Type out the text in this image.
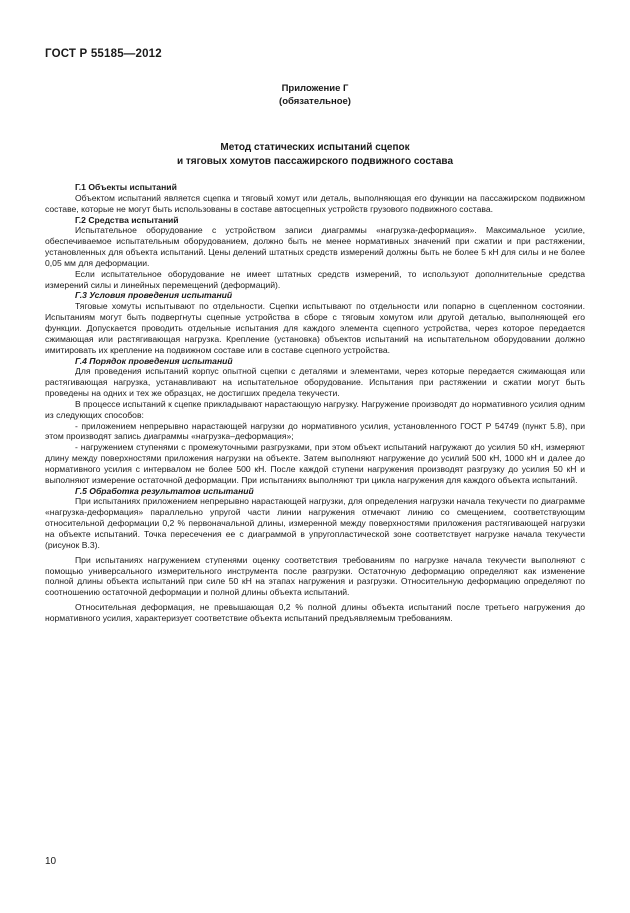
ГОСТ Р 55185—2012
Приложение Г
(обязательное)
Метод статических испытаний сцепок
и тяговых хомутов пассажирского подвижного состава

Г.1 Объекты испытаний

Объектом испытаний является сцепка и тяговый хомут или деталь, выполняющая его функции на пассажирском подвижном составе, которые не могут быть использованы в составе автосцепных устройств грузового подвижного состава.

Г.2 Средства испытаний

Испытательное оборудование с устройством записи диаграммы «нагрузка-деформация». Максимальное усилие, обеспечиваемое испытательным оборудованием, должно быть не менее нормативных значений при сжатии и при растяжении, установленных для объекта испытаний. Цены делений штатных средств измерений должны быть не более 5 кН для силы и не более 0,05 мм для деформации.

Если испытательное оборудование не имеет штатных средств измерений, то используют дополнительные средства измерений силы и линейных перемещений (деформаций).

Г.3 Условия проведения испытаний

Тяговые хомуты испытывают по отдельности. Сцепки испытывают по отдельности или попарно в сцепленном состоянии. Испытаниям могут быть подвергнуты сцепные устройства в сборе с тяговым хомутом или другой деталью, выполняющей его функции. Допускается проводить отдельные испытания для каждого элемента сцепного устройства, через которое передается сжимающая или растягивающая нагрузка. Крепление (установка) объектов испытаний на испытательном оборудовании должно имитировать их крепление на подвижном составе или в составе сцепного устройства.

Г.4 Порядок проведения испытаний

Для проведения испытаний корпус опытной сцепки с деталями и элементами, через которые передается сжимающая или растягивающая нагрузка, устанавливают на испытательное оборудование. Испытания при растяжении и сжатии могут быть проведены на одних и тех же образцах, не достигших предела текучести.

В процессе испытаний к сцепке прикладывают нарастающую нагрузку. Нагружение производят до нормативного усилия одним из следующих способов:

- приложением непрерывно нарастающей нагрузки до нормативного усилия, установленного ГОСТ Р 54749 (пункт 5.8), при этом производят запись диаграммы «нагрузка–деформация»;

- нагружением ступенями с промежуточными разгрузками, при этом объект испытаний нагружают до усилия 50 кН, измеряют длину между поверхностями приложения нагрузки на объекте. Затем выполняют нагружение до усилий 500 кН, 1000 кН и далее до нормативного усилия с интервалом не более 500 кН. После каждой ступени нагружения производят разгрузку до усилия 50 кН и выполняют измерение остаточной деформации. При испытаниях выполняют три цикла нагружения для каждого объекта испытаний.

Г.5 Обработка результатов испытаний

При испытаниях приложением непрерывно нарастающей нагрузки, для определения нагрузки начала текучести по диаграмме «нагрузка-деформация» параллельно упругой части линии нагружения отмечают линию со смещением, соответствующим относительной деформации 0,2 % первоначальной длины, измеренной между поверхностями приложения растягивающей нагрузки на объекте испытаний. Точка пересечения ее с диаграммой в упругопластической зоне соответствует нагрузке начала текучести (рисунок В.3).

При испытаниях нагружением ступенями оценку соответствия требованиям по нагрузке начала текучести выполняют с помощью универсального измерительного инструмента после разгрузки. Остаточную деформацию определяют как изменение полной длины объекта испытаний при силе 50 кН на этапах нагружения и разгрузки. Относительную деформацию определяют по соотношению остаточной деформации и полной длины объекта испытаний.

Относительная деформация, не превышающая 0,2 % полной длины объекта испытаний после третьего нагружения до нормативного усилия, характеризует соответствие объекта испытаний предъявляемым требованиям.

10
